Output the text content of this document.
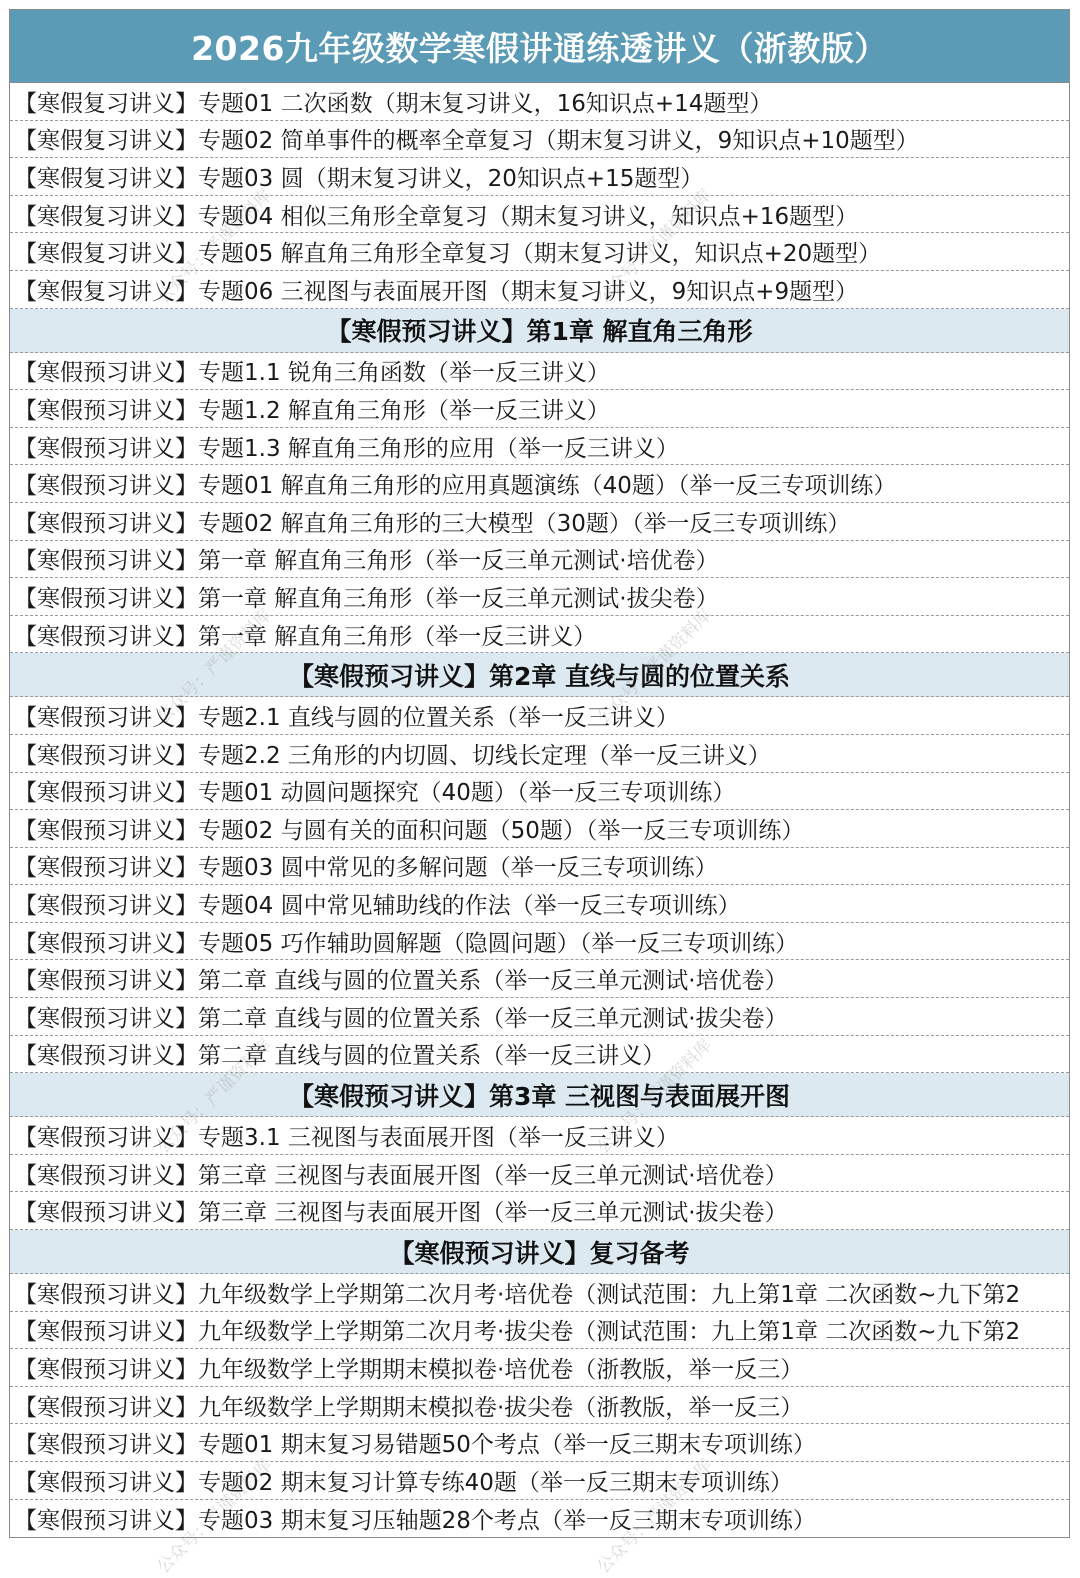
2026九年级数学寒假讲通练透讲义（浙教版）
【寒假复习讲义】专题01 二次函数（期末复习讲义，16知识点+14题型）
【寒假复习讲义】专题02 简单事件的概率全章复习（期末复习讲义，9知识点+10题型）
【寒假复习讲义】专题03 圆（期末复习讲义，20知识点+15题型）
【寒假复习讲义】专题04 相似三角形全章复习（期末复习讲义，知识点+16题型）
【寒假复习讲义】专题05 解直角三角形全章复习（期末复习讲义，知识点+20题型）
【寒假复习讲义】专题06 三视图与表面展开图（期末复习讲义，9知识点+9题型）
【寒假预习讲义】第1章 解直角三角形
【寒假预习讲义】专题1.1 锐角三角函数（举一反三讲义）
【寒假预习讲义】专题1.2 解直角三角形（举一反三讲义）
【寒假预习讲义】专题1.3 解直角三角形的应用（举一反三讲义）
【寒假预习讲义】专题01 解直角三角形的应用真题演练（40题）（举一反三专项训练）
【寒假预习讲义】专题02 解直角三角形的三大模型（30题）（举一反三专项训练）
【寒假预习讲义】第一章 解直角三角形（举一反三单元测试·培优卷）
【寒假预习讲义】第一章 解直角三角形（举一反三单元测试·拔尖卷）
【寒假预习讲义】第一章 解直角三角形（举一反三讲义）
【寒假预习讲义】第2章 直线与圆的位置关系
【寒假预习讲义】专题2.1 直线与圆的位置关系（举一反三讲义）
【寒假预习讲义】专题2.2 三角形的内切圆、切线长定理（举一反三讲义）
【寒假预习讲义】专题01 动圆问题探究（40题）（举一反三专项训练）
【寒假预习讲义】专题02 与圆有关的面积问题（50题）（举一反三专项训练）
【寒假预习讲义】专题03 圆中常见的多解问题（举一反三专项训练）
【寒假预习讲义】专题04 圆中常见辅助线的作法（举一反三专项训练）
【寒假预习讲义】专题05 巧作辅助圆解题（隐圆问题）（举一反三专项训练）
【寒假预习讲义】第二章 直线与圆的位置关系（举一反三单元测试·培优卷）
【寒假预习讲义】第二章 直线与圆的位置关系（举一反三单元测试·拔尖卷）
【寒假预习讲义】第二章 直线与圆的位置关系（举一反三讲义）
【寒假预习讲义】第3章 三视图与表面展开图
【寒假预习讲义】专题3.1 三视图与表面展开图（举一反三讲义）
【寒假预习讲义】第三章 三视图与表面展开图（举一反三单元测试·培优卷）
【寒假预习讲义】第三章 三视图与表面展开图（举一反三单元测试·拔尖卷）
【寒假预习讲义】复习备考
【寒假预习讲义】九年级数学上学期第二次月考·培优卷（测试范围：九上第1章 二次函数~九下第2
【寒假预习讲义】九年级数学上学期第二次月考·拔尖卷（测试范围：九上第1章 二次函数~九下第2
【寒假预习讲义】九年级数学上学期期末模拟卷·培优卷（浙教版，举一反三）
【寒假预习讲义】九年级数学上学期期末模拟卷·拔尖卷（浙教版，举一反三）
【寒假预习讲义】专题01 期末复习易错题50个考点（举一反三期末专项训练）
【寒假预习讲义】专题02 期末复习计算专练40题（举一反三期末专项训练）
【寒假预习讲义】专题03 期末复习压轴题28个考点（举一反三期末专项训练）
公众号：严谨资料库	公众号：严谨资料库
公众号：严谨资料库	公众号：严谨资料库
公众号：严谨资料库	公众号：严谨资料库
公众号：严谨资料库	公众号：严谨资料库
